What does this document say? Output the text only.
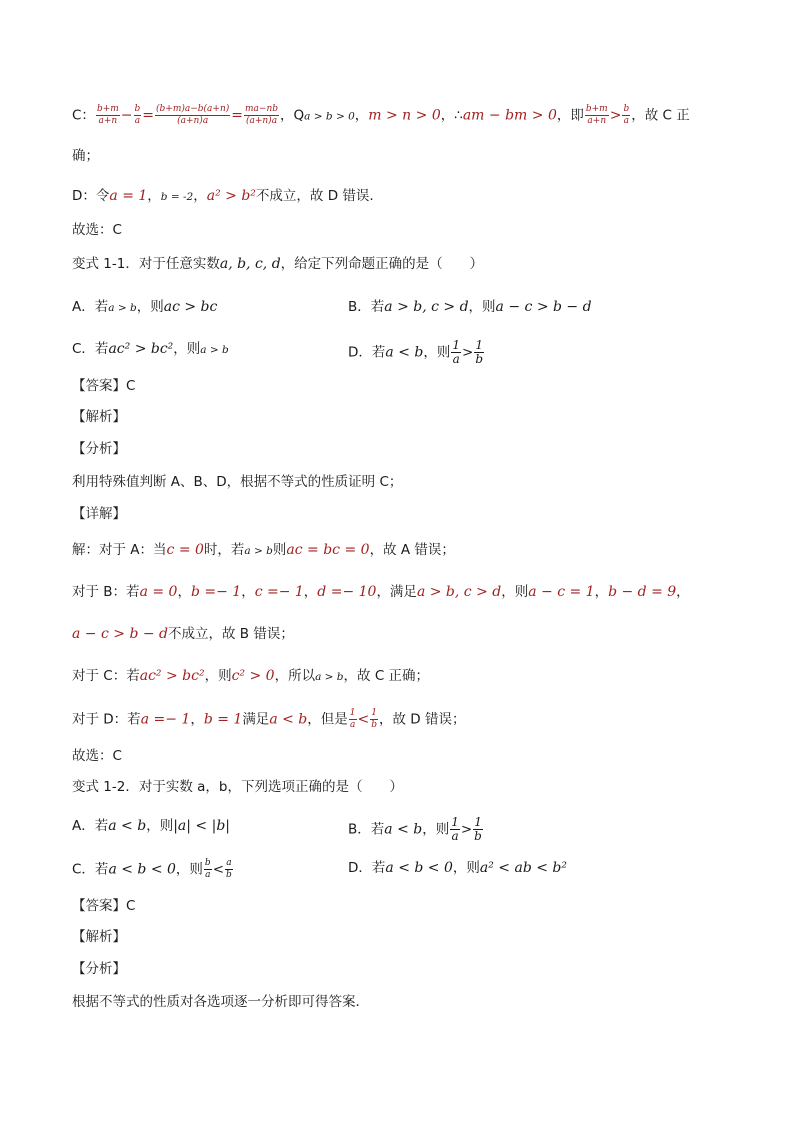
C： $\frac{b+m}{a+n} - \frac{b}{a} = \frac{(b+m)a-b(a+n)}{(a+n)a} = \frac{ma-nb}{(a+n)a}$ ，Qa > b > 0，m > n > 0，∴am − bm > 0，即 $\frac{b+m}{a+n} > \frac{b}{a}$ ，故 C 正
确；
D：令a = 1，b = -2，a² > b²不成立，故 D 错误.
故选：C
变式 1-1．对于任意实数a, b, c, d，给定下列命题正确的是（　　）
A．若a > b，则ac > bc	B．若a > b, c > d，则a − c > b − d
C．若ac² > bc²，则a > b	D．若a < b，则 $\frac{1}{a} > \frac{1}{b}$
【答案】C
【解析】
【分析】
利用特殊值判断 A、B、D，根据不等式的性质证明 C；
【详解】
解：对于 A：当c = 0时，若a > b则ac = bc = 0，故 A 错误；
对于 B：若a = 0，b =− 1，c =− 1，d =− 10，满足a > b, c > d，则a − c = 1，b − d = 9，
a − c > b − d不成立，故 B 错误；
对于 C：若ac² > bc²，则c² > 0，所以a > b，故 C 正确；
对于 D：若a =− 1，b = 1满足a < b，但是 $\frac{1}{a} < \frac{1}{b}$ ，故 D 错误；
故选：C
变式 1-2．对于实数 a，b，下列选项正确的是（　　）
A．若a < b，则|a| < |b|	B．若a < b，则 $\frac{1}{a} > \frac{1}{b}$
C．若a < b < 0，则 $\frac{b}{a} < \frac{a}{b}$	D．若a < b < 0，则a² < ab < b²
【答案】C
【解析】
【分析】
根据不等式的性质对各选项逐一分析即可得答案．
